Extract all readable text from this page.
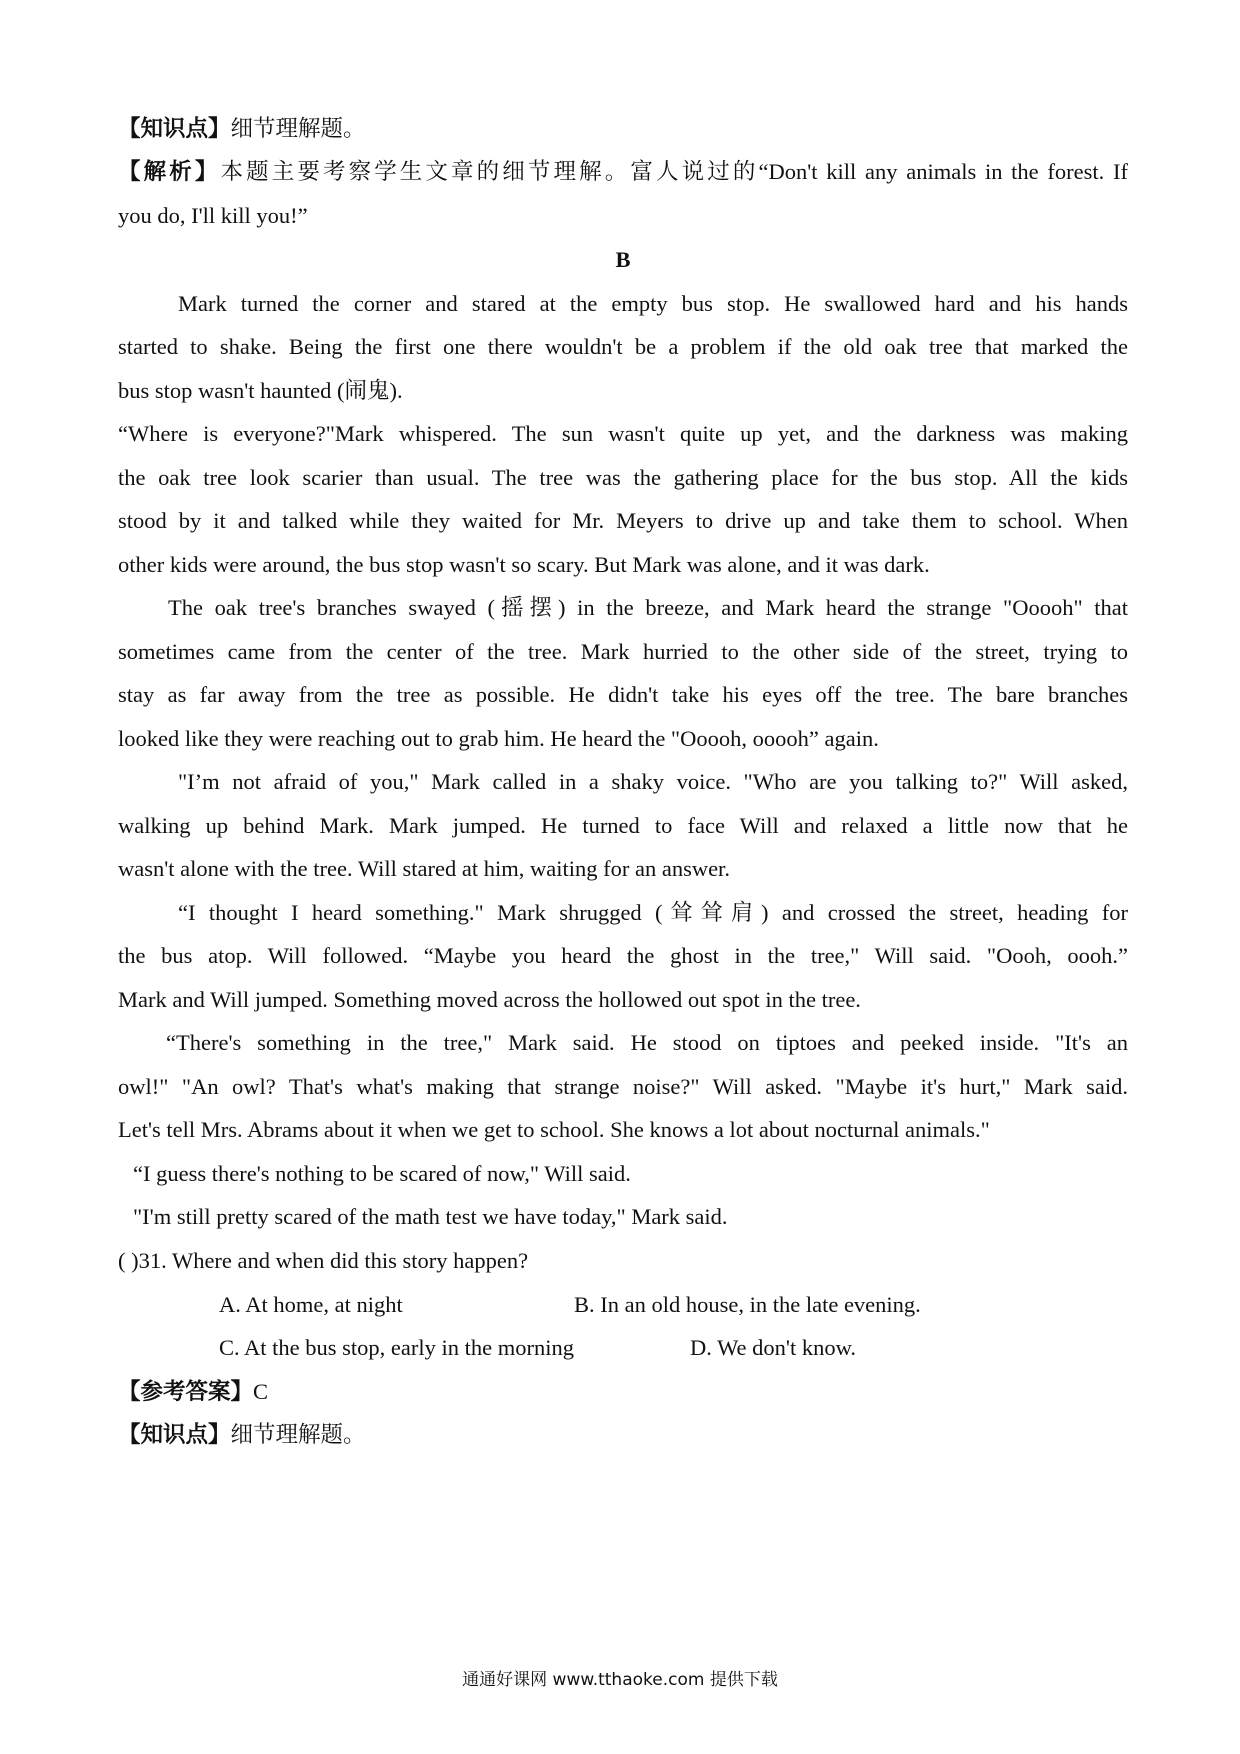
【知识点】细节理解题。
【解析】本题主要考察学生文章的细节理解。富人说过的“Don't kill any animals in the forest. If
you do, I'll kill you!”
B
Mark turned the corner and stared at the empty bus stop. He swallowed hard and his hands
started to shake. Being the first one there wouldn't be a problem if the old oak tree that marked the
bus stop wasn't haunted (闹鬼).
“Where is everyone?"Mark whispered. The sun wasn't quite up yet, and the darkness was making
the oak tree look scarier than usual. The tree was the gathering place for the bus stop. All the kids
stood by it and talked while they waited for Mr. Meyers to drive up and take them to school. When
other kids were around, the bus stop wasn't so scary. But Mark was alone, and it was dark.
The oak tree's branches swayed (摇摆) in the breeze, and Mark heard the strange "Ooooh" that
sometimes came from the center of the tree. Mark hurried to the other side of the street, trying to
stay as far away from the tree as possible. He didn't take his eyes off the tree. The bare branches
looked like they were reaching out to grab him. He heard the "Ooooh, ooooh” again.
"I’m not afraid of you," Mark called in a shaky voice. "Who are you talking to?" Will asked,
walking up behind Mark. Mark jumped. He turned to face Will and relaxed a little now that he
wasn't alone with the tree. Will stared at him, waiting for an answer.
“I thought I heard something." Mark shrugged (耸耸肩) and crossed the street, heading for
the bus atop. Will followed. “Maybe you heard the ghost in the tree," Will said. "Oooh, oooh.”
Mark and Will jumped. Something moved across the hollowed out spot in the tree.
“There's something in the tree," Mark said. He stood on tiptoes and peeked inside. "It's an
owl!" "An owl? That's what's making that strange noise?" Will asked. "Maybe it's hurt," Mark said.
Let's tell Mrs. Abrams about it when we get to school. She knows a lot about nocturnal animals."
“I guess there's nothing to be scared of now," Will said.
"I'm still pretty scared of the math test we have today," Mark said.
( )31. Where and when did this story happen?
A. At home, at night	B. In an old house, in the late evening.
C. At the bus stop, early in the morning	D. We don't know.
【参考答案】C
【知识点】细节理解题。
通通好课网 www.tthaoke.com 提供下载
